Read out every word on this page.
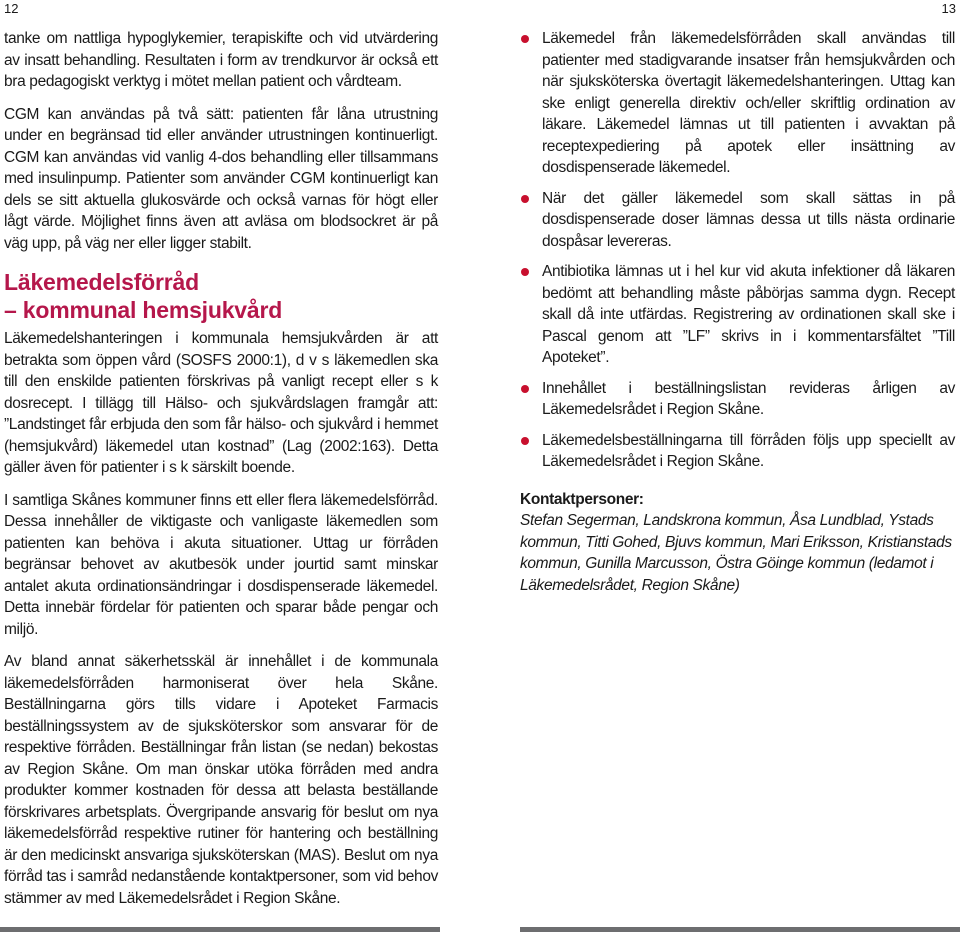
12	13

tanke om nattliga hypoglykemier, terapiskifte och vid utvärdering av insatt behandling. Resultaten i form av trendkurvor är också ett bra pedagogiskt verktyg i mötet mellan patient och vårdteam.

CGM kan användas på två sätt: patienten får låna utrustning under en begränsad tid eller använder utrustningen kontinuerligt. CGM kan användas vid vanlig 4-dos behandling eller tillsammans med insulinpump. Patienter som använder CGM kontinuerligt kan dels se sitt aktuella glukosvärde och också varnas för högt eller lågt värde. Möjlighet finns även att avläsa om blodsockret är på väg upp, på väg ner eller ligger stabilt.

Läkemedelsförråd
– kommunal hemsjukvård

Läkemedelshanteringen i kommunala hemsjukvården är att betrakta som öppen vård (SOSFS 2000:1), d v s läkemedlen ska till den enskilde patienten förskrivas på vanligt recept eller s k dosrecept. I tillägg till Hälso- och sjukvårdslagen framgår att: ”Landstinget får erbjuda den som får hälso- och sjukvård i hemmet (hemsjukvård) läkemedel utan kostnad” (Lag (2002:163). Detta gäller även för patienter i s k särskilt boende.

I samtliga Skånes kommuner finns ett eller flera läkemedelsförråd. Dessa innehåller de viktigaste och vanligaste läkemedlen som patienten kan behöva i akuta situationer. Uttag ur förråden begränsar behovet av akutbesök under jourtid samt minskar antalet akuta ordinationsändringar i dosdispenserade läkemedel. Detta innebär fördelar för patienten och sparar både pengar och miljö.

Av bland annat säkerhetsskäl är innehållet i de kommunala läkemedelsförråden harmoniserat över hela Skåne. Beställningarna görs tills vidare i Apoteket Farmacis beställningssystem av de sjuksköterskor som ansvarar för de respektive förråden. Beställningar från listan (se nedan) bekostas av Region Skåne. Om man önskar utöka förråden med andra produkter kommer kostnaden för dessa att belasta beställande förskrivares arbetsplats. Övergripande ansvarig för beslut om nya läkemedelsförråd respektive rutiner för hantering och beställning är den medicinskt ansvariga sjuksköterskan (MAS). Beslut om nya förråd tas i samråd nedanstående kontaktpersoner, som vid behov stämmer av med Läkemedelsrådet i Region Skåne.

Läkemedel från läkemedelsförråden skall användas till patienter med stadigvarande insatser från hemsjukvården och när sjuksköterska övertagit läkemedelshanteringen. Uttag kan ske enligt generella direktiv och/eller skriftlig ordination av läkare. Läkemedel lämnas ut till patienten i avvaktan på receptexpediering på apotek eller insättning av dosdispenserade läkemedel.
När det gäller läkemedel som skall sättas in på dosdispenserade doser lämnas dessa ut tills nästa ordinarie dospåsar levereras.
Antibiotika lämnas ut i hel kur vid akuta infektioner då läkaren bedömt att behandling måste påbörjas samma dygn. Recept skall då inte utfärdas. Registrering av ordinationen skall ske i Pascal genom att ”LF” skrivs in i kommentarsfältet ”Till Apoteket”.
Innehållet i beställningslistan revideras årligen av Läkemedelsrådet i Region Skåne.
Läkemedelsbeställningarna till förråden följs upp speciellt av Läkemedelsrådet i Region Skåne.
Kontaktpersoner:
Stefan Segerman, Landskrona kommun, Åsa Lundblad, Ystads kommun, Titti Gohed, Bjuvs kommun, Mari Eriksson, Kristianstads kommun, Gunilla Marcusson, Östra Göinge kommun (ledamot i Läkemedelsrådet, Region Skåne)
